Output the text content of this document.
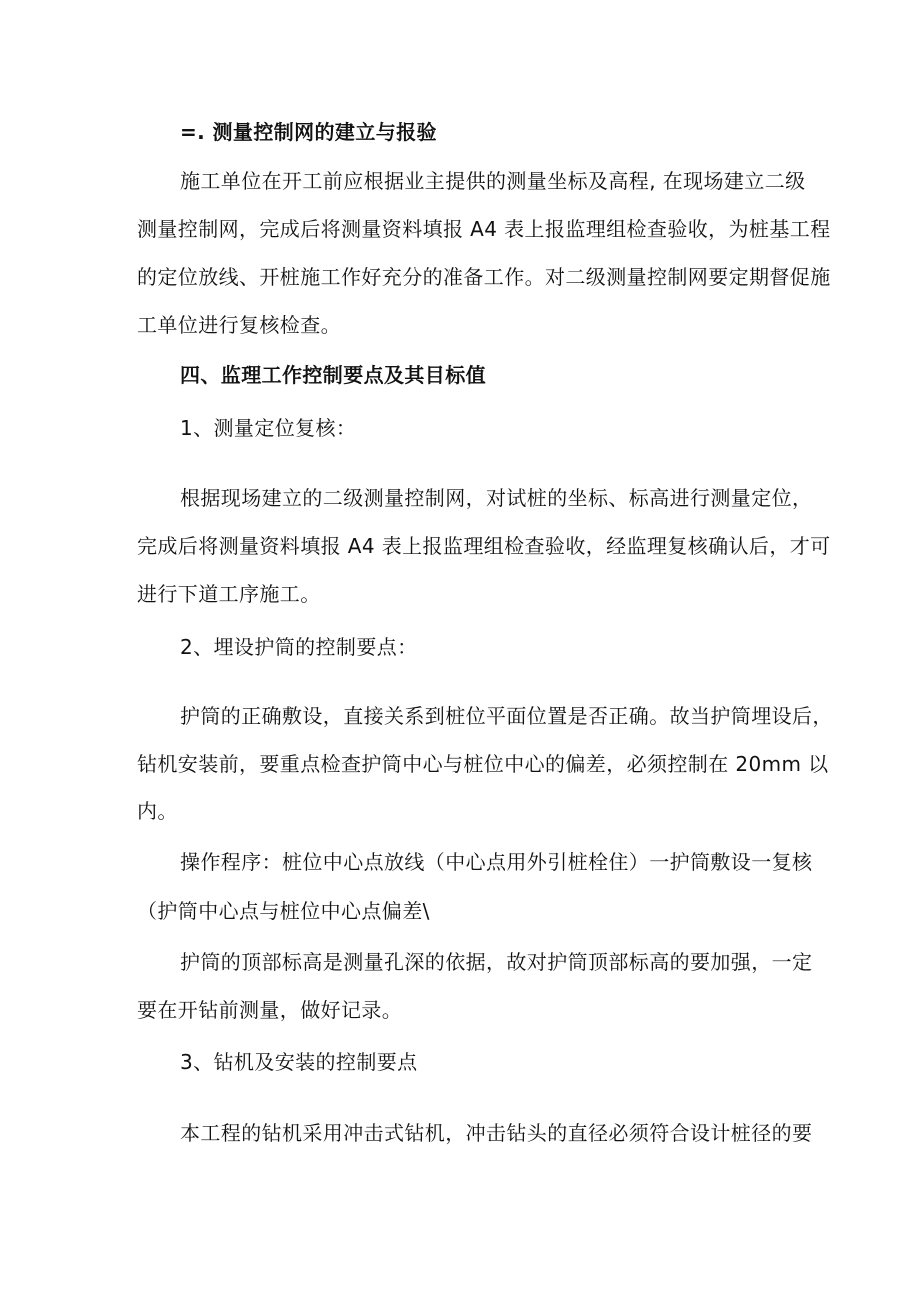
=. 测量控制网的建立与报验
施工单位在开工前应根据业主提供的测量坐标及高程, 在现场建立二级
测量控制网，完成后将测量资料填报 A4 表上报监理组检查验收，为桩基工程
的定位放线、开桩施工作好充分的准备工作。对二级测量控制网要定期督促施
工单位进行复核检查。
四、监理工作控制要点及其目标值
1、测量定位复核：
根据现场建立的二级测量控制网，对试桩的坐标、标高进行测量定位，
完成后将测量资料填报 A4 表上报监理组检查验收，经监理复核确认后，才可
进行下道工序施工。
2、埋设护筒的控制要点：
护筒的正确敷设，直接关系到桩位平面位置是否正确。故当护筒埋设后，
钻机安装前，要重点检查护筒中心与桩位中心的偏差，必须控制在 20mm 以
内。
操作程序：桩位中心点放线（中心点用外引桩栓住）一护筒敷设一复核
（护筒中心点与桩位中心点偏差\
护筒的顶部标高是测量孔深的依据，故对护筒顶部标高的要加强，一定
要在开钻前测量，做好记录。
3、钻机及安装的控制要点
本工程的钻机采用冲击式钻机，冲击钻头的直径必须符合设计桩径的要
